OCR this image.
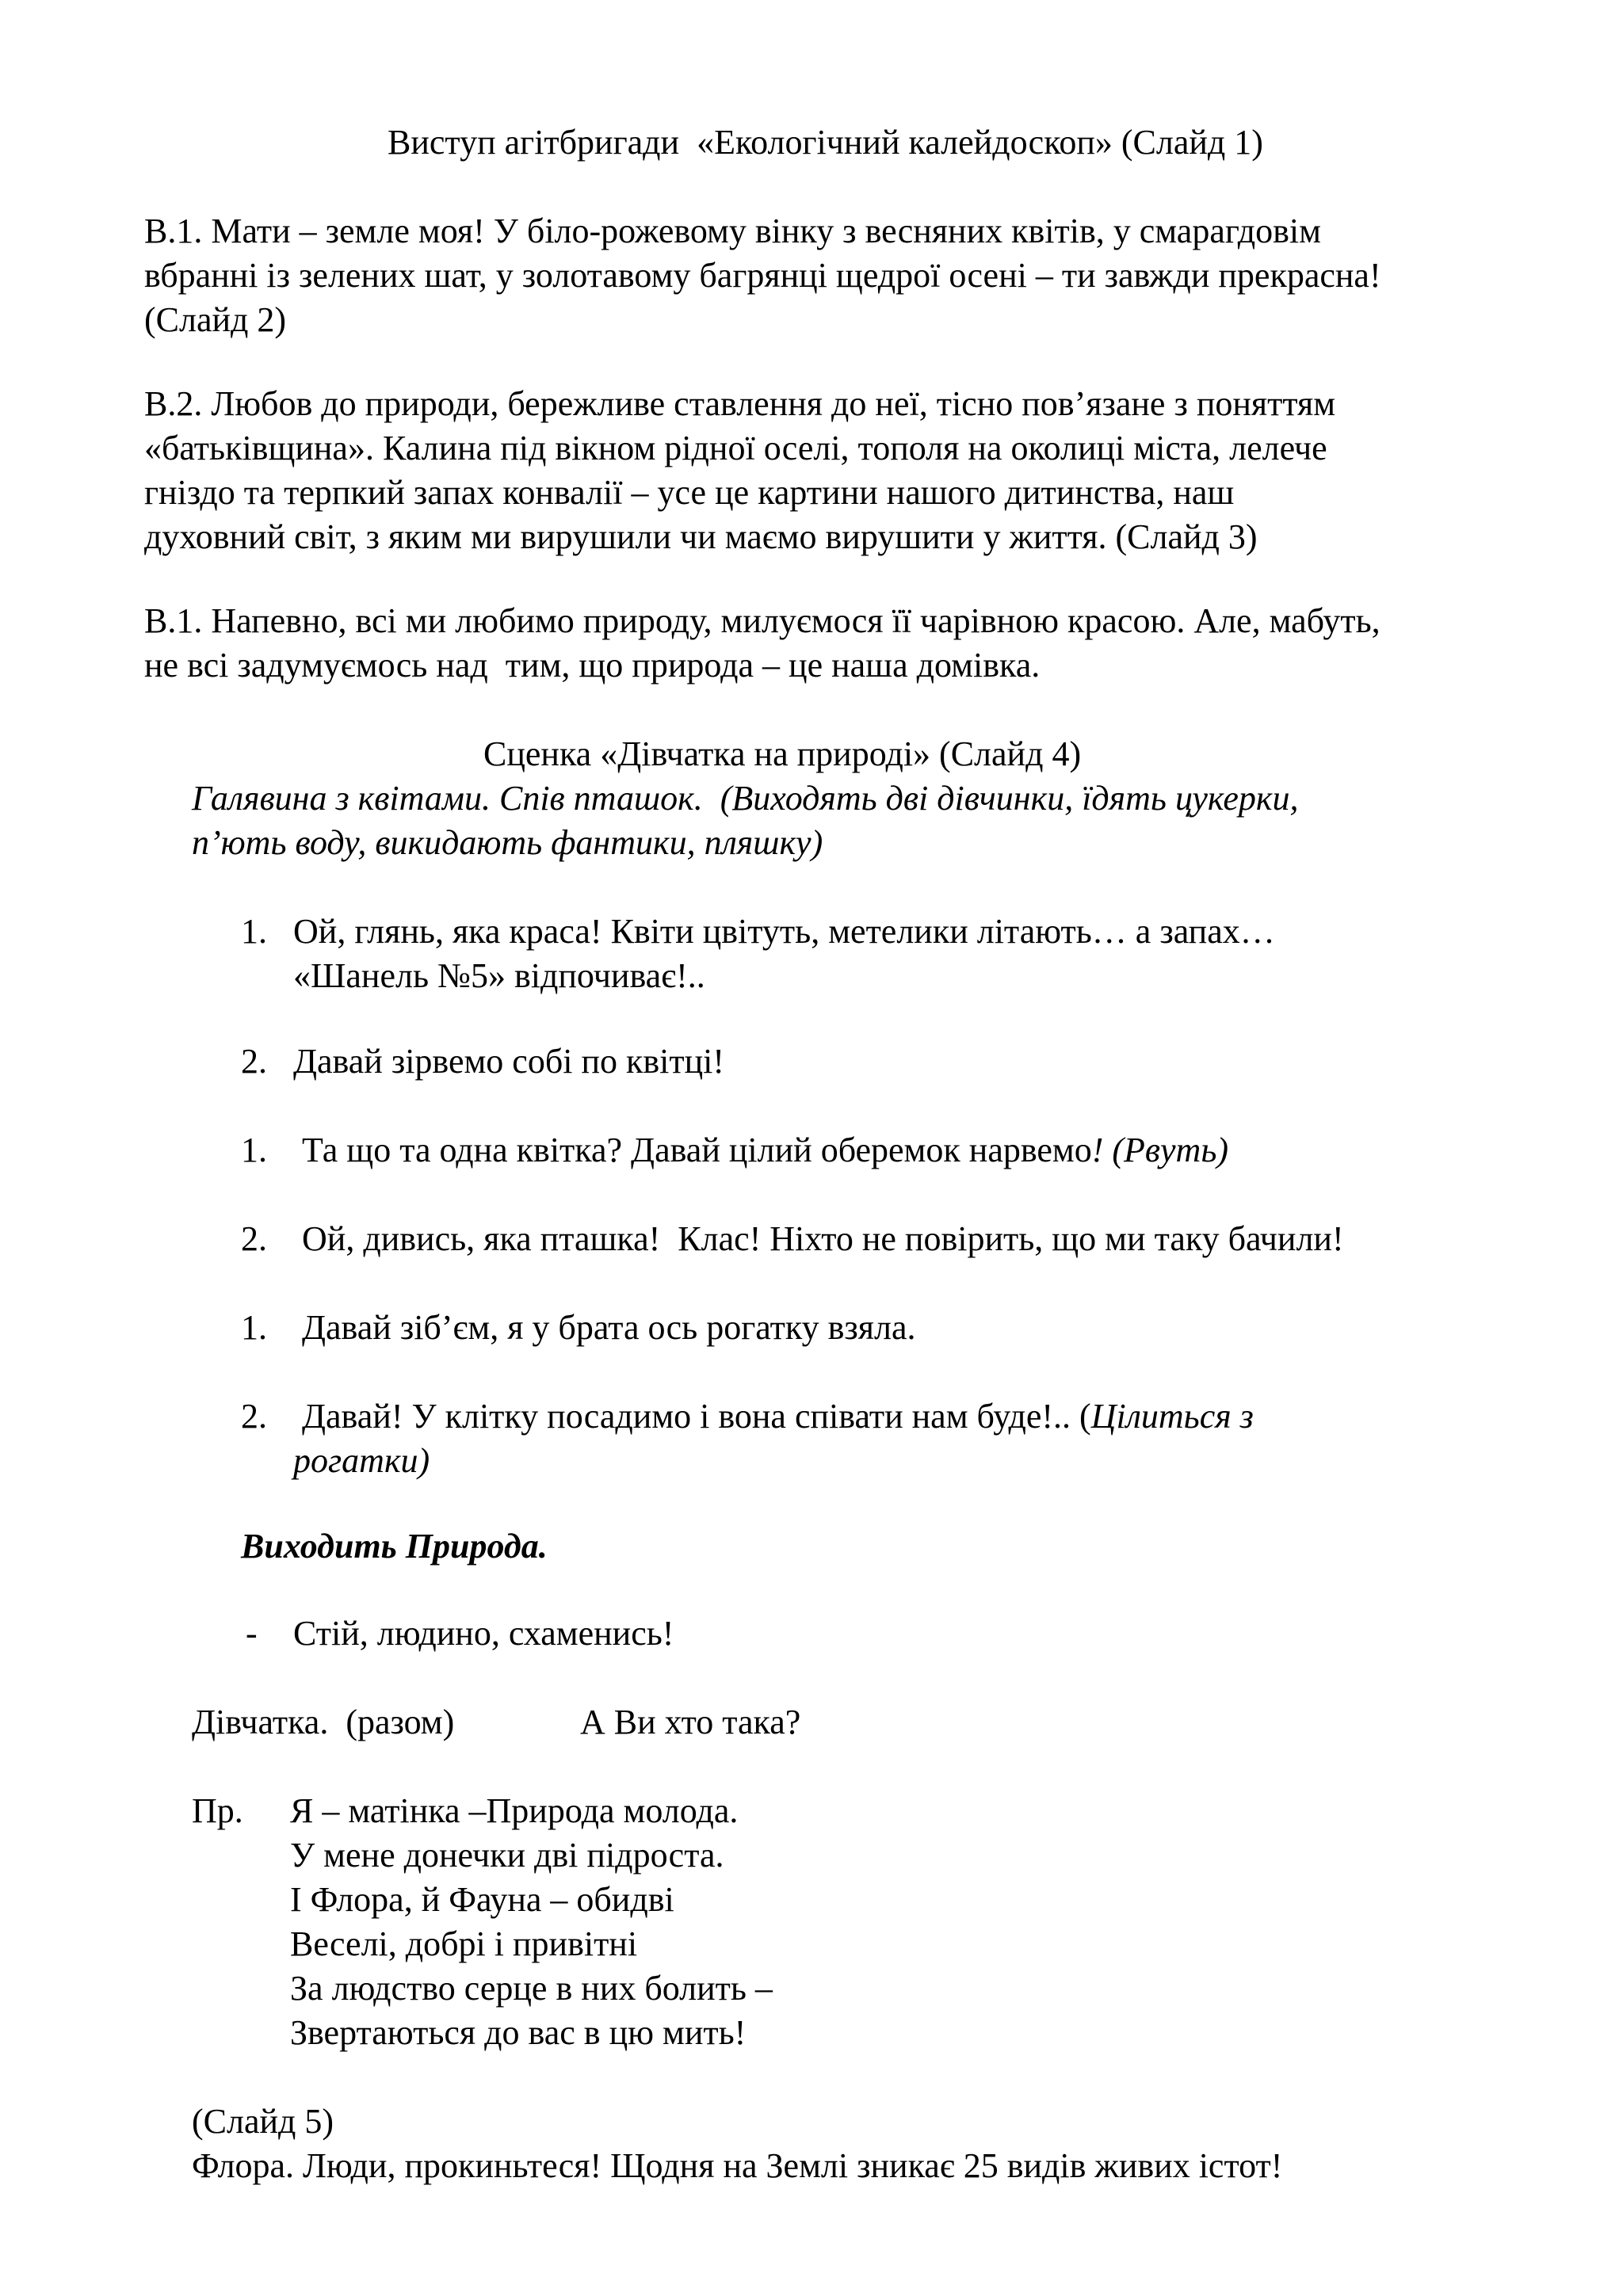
Виступ агітбригади  «Екологічний калейдоскоп» (Слайд 1)
В.1. Мати – земле моя! У біло-рожевому вінку з весняних квітів, у смарагдовім
вбранні із зелених шат, у золотавому багрянці щедрої осені – ти завжди прекрасна!
(Слайд 2)
В.2. Любов до природи, бережливе ставлення до неї, тісно пов’язане з поняттям
«батьківщина». Калина під вікном рідної оселі, тополя на околиці міста, лелече
гніздо та терпкий запах конвалії – усе це картини нашого дитинства, наш
духовний світ, з яким ми вирушили чи маємо вирушити у життя. (Слайд 3)
В.1. Напевно, всі ми любимо природу, милуємося її чарівною красою. Але, мабуть,
не всі задумуємось над  тим, що природа – це наша домівка.
Сценка «Дівчатка на природі» (Слайд 4)
Галявина з квітами. Спів пташок.  (Виходять дві дівчинки, їдять цукерки,
п’ють воду, викидають фантики, пляшку)
1. Ой, глянь, яка краса! Квіти цвітуть, метелики літають… а запах…
«Шанель №5» відпочиває!..
2. Давай зірвемо собі по квітці!
1. Та що та одна квітка? Давай цілий оберемок нарвемо! (Рвуть)
2. Ой, дивись, яка пташка!  Клас! Ніхто не повірить, що ми таку бачили!
1. Давай зіб’єм, я у брата ось рогатку взяла.
2. Давай! У клітку посадимо і вона співати нам буде!.. (Цілиться з
рогатки)
Виходить Природа.
- Стій, людино, схаменись!
Дівчатка.  (разом)	А Ви хто така?
Пр. Я – матінка –Природа молода.
У мене донечки дві підроста.
І Флора, й Фауна – обидві
Веселі, добрі і привітні
За людство серце в них болить –
Звертаються до вас в цю мить!
(Слайд 5)
Флора. Люди, прокиньтеся! Щодня на Землі зникає 25 видів живих істот!
